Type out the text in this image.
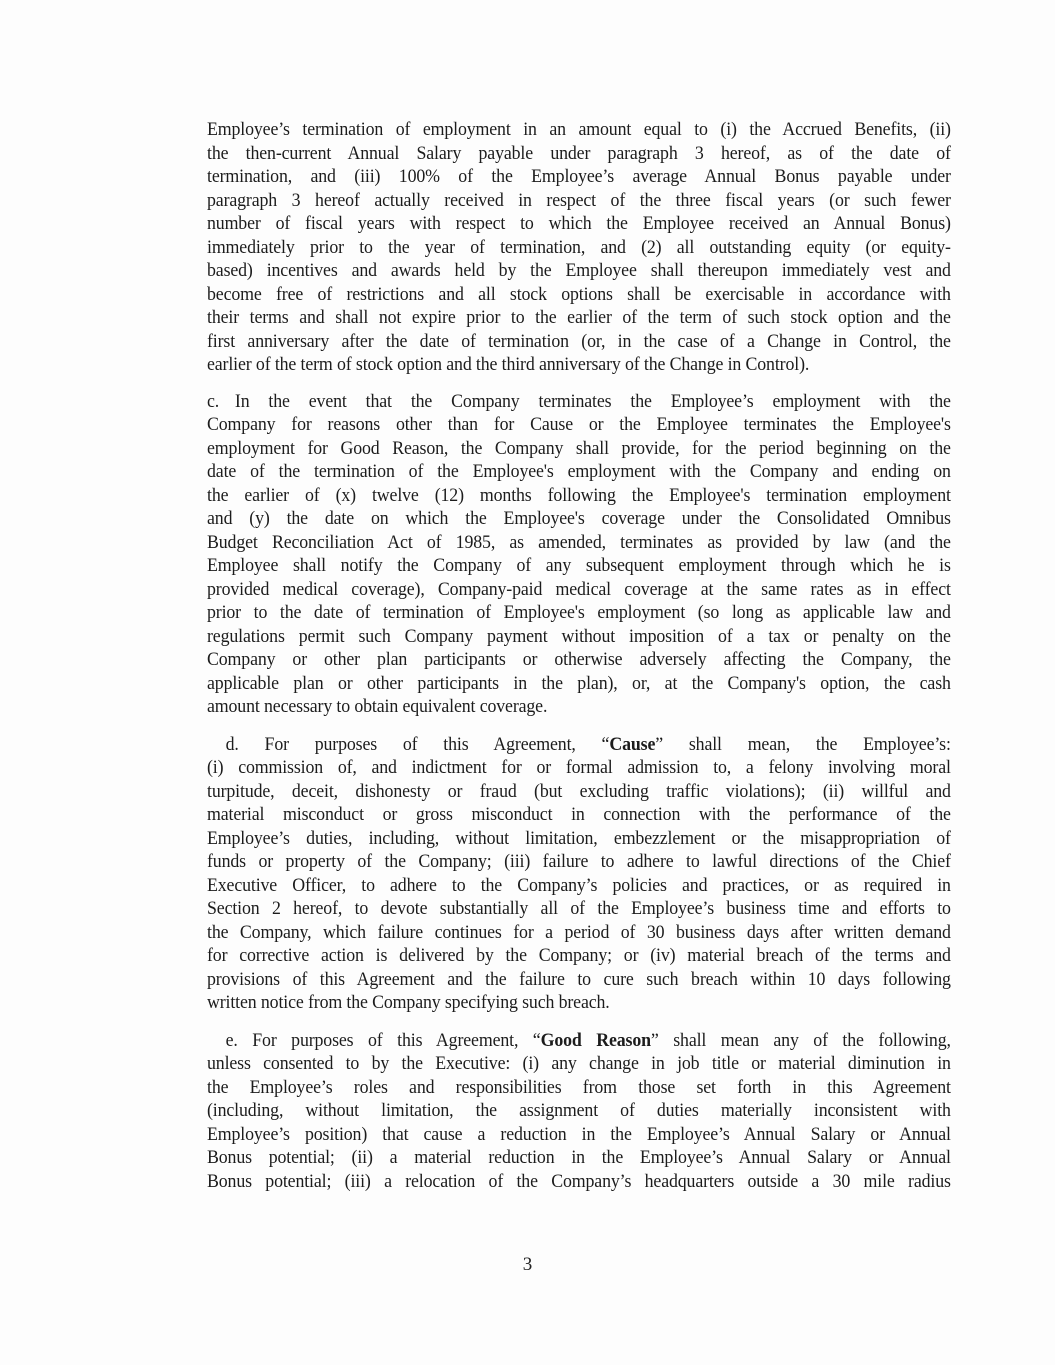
Employee’s termination of employment in an amount equal to (i) the Accrued Benefits, (ii)
the then-current Annual Salary payable under paragraph 3 hereof, as of the date of
termination, and (iii) 100% of the Employee’s average Annual Bonus payable under
paragraph 3 hereof actually received in respect of the three fiscal years (or such fewer
number of fiscal years with respect to which the Employee received an Annual Bonus)
immediately prior to the year of termination, and (2) all outstanding equity (or equity-
based) incentives and awards held by the Employee shall thereupon immediately vest and
become free of restrictions and all stock options shall be exercisable in accordance with
their terms and shall not expire prior to the earlier of the term of such stock option and the
first anniversary after the date of termination (or, in the case of a Change in Control, the
earlier of the term of stock option and the third anniversary of the Change in Control).
c. In the event that the Company terminates the Employee’s employment with the
Company for reasons other than for Cause or the Employee terminates the Employee's
employment for Good Reason, the Company shall provide, for the period beginning on the
date of the termination of the Employee's employment with the Company and ending on
the earlier of (x) twelve (12) months following the Employee's termination employment
and (y) the date on which the Employee's coverage under the Consolidated Omnibus
Budget Reconciliation Act of 1985, as amended, terminates as provided by law (and the
Employee shall notify the Company of any subsequent employment through which he is
provided medical coverage), Company-paid medical coverage at the same rates as in effect
prior to the date of termination of Employee's employment (so long as applicable law and
regulations permit such Company payment without imposition of a tax or penalty on the
Company or other plan participants or otherwise adversely affecting the Company, the
applicable plan or other participants in the plan), or, at the Company's option, the cash
amount necessary to obtain equivalent coverage.
d. For purposes of this Agreement, “Cause” shall mean, the Employee’s:
(i) commission of, and indictment for or formal admission to, a felony involving moral
turpitude, deceit, dishonesty or fraud (but excluding traffic violations); (ii) willful and
material misconduct or gross misconduct in connection with the performance of the
Employee’s duties, including, without limitation, embezzlement or the misappropriation of
funds or property of the Company; (iii) failure to adhere to lawful directions of the Chief
Executive Officer, to adhere to the Company’s policies and practices, or as required in
Section 2 hereof, to devote substantially all of the Employee’s business time and efforts to
the Company, which failure continues for a period of 30 business days after written demand
for corrective action is delivered by the Company; or (iv) material breach of the terms and
provisions of this Agreement and the failure to cure such breach within 10 days following
written notice from the Company specifying such breach.
e. For purposes of this Agreement, “Good Reason” shall mean any of the following,
unless consented to by the Executive: (i) any change in job title or material diminution in
the Employee’s roles and responsibilities from those set forth in this Agreement
(including, without limitation, the assignment of duties materially inconsistent with
Employee’s position) that cause a reduction in the Employee’s Annual Salary or Annual
Bonus potential; (ii) a material reduction in the Employee’s Annual Salary or Annual
Bonus potential; (iii) a relocation of the Company’s headquarters outside a 30 mile radius
3
